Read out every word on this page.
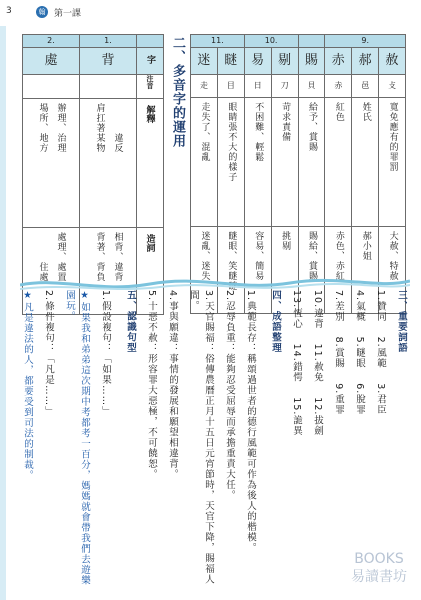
3	翰 第一課
2.	1.	
處	背	字
		注音
場所、地方 辦理、治理	肩扛著某物 違反	解釋
住處 處理、處置	背著、背負 相背、違背	造詞
二、多音字的運用	11.		10.			9.		
迷	瞇	易	剔	賜	赤	郝	赦
走	目	日	刀	貝	赤	邑	攴
走失了、混亂	眼睛張不大的樣子	不困難、輕鬆	苛求責備	給予、賞賜	紅色	姓氏	寬免應有的罪罰
迷亂、迷失	瞇眼、笑瞇瞇	容易、簡易	挑剔	賜給、賞賜	赤色、赤紅	郝小姐	大赦、特赦

三、重要詞語

1.贊同　 2.風範　 3.君臣

4.氣概　 5.瞇眼　 6.脫罪

7.差別　 8.賞賜　 9.重罪

10.違背　 11.赦免　 12.拔劍

13.恆心　 14.錯愕　 15.詭異

四、成語整理

1.典範長存：稱頌過世者的德行風範可作為後人的楷模。

2.忍辱負重：能夠忍受屈辱而承擔重責大任。

3.天官賜福：俗傳農曆正月十五日元宵節時，天官下降，賜福人間。

4.事與願違：事情的發展和願望相違背。

5.十惡不赦：形容罪大惡極，不可饒恕。

五、認識句型

1.假設複句：「如果……」

★如果我和弟弟這次期中考都考一百分，媽媽就會帶我們去遊樂園玩。

2.條件複句：「凡是……」

★凡是違法的人，都要受到司法的制裁。

BOOKS
易讀書坊
